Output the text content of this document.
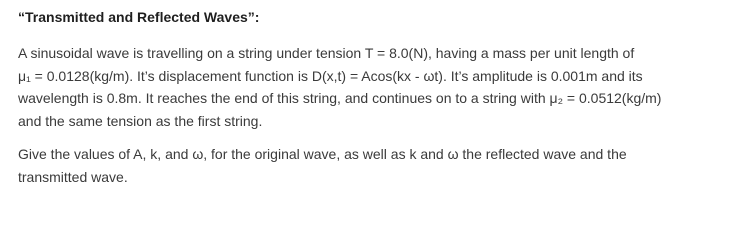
“Transmitted and Reflected Waves”:

A sinusoidal wave is travelling on a string under tension T = 8.0(N), having a mass per unit length of
μ₁ = 0.0128(kg/m). It’s displacement function is D(x,t) = Acos(kx - ωt). It’s amplitude is 0.001m and its
wavelength is 0.8m. It reaches the end of this string, and continues on to a string with μ₂ = 0.0512(kg/m)
and the same tension as the first string.

Give the values of A, k, and ω, for the original wave, as well as k and ω the reflected wave and the
transmitted wave.
